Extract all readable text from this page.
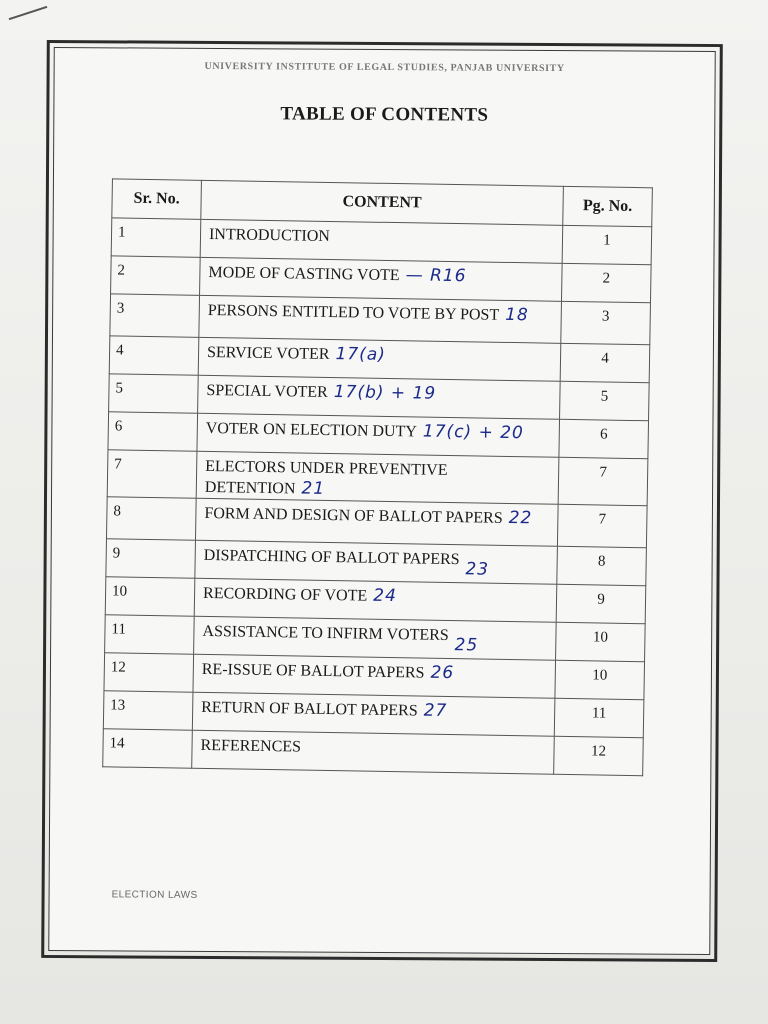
UNIVERSITY INSTITUTE OF LEGAL STUDIES, PANJAB UNIVERSITY
TABLE OF CONTENTS
Sr. No.	CONTENT	Pg. No.
1	INTRODUCTION	1
2	MODE OF CASTING VOTE — R16	2
3	PERSONS ENTITLED TO VOTE BY POST 18	3
4	SERVICE VOTER 17(a)	4
5	SPECIAL VOTER 17(b) + 19	5
6	VOTER ON ELECTION DUTY 17(c) + 20	6
7	ELECTORS UNDER PREVENTIVE DETENTION 21	7
8	FORM AND DESIGN OF BALLOT PAPERS 22	7
9	DISPATCHING OF BALLOT PAPERS23	8
10	RECORDING OF VOTE 24	9
11	ASSISTANCE TO INFIRM VOTERS25	10
12	RE-ISSUE OF BALLOT PAPERS 26	10
13	RETURN OF BALLOT PAPERS 27	11
14	REFERENCES	12
ELECTION LAWS
